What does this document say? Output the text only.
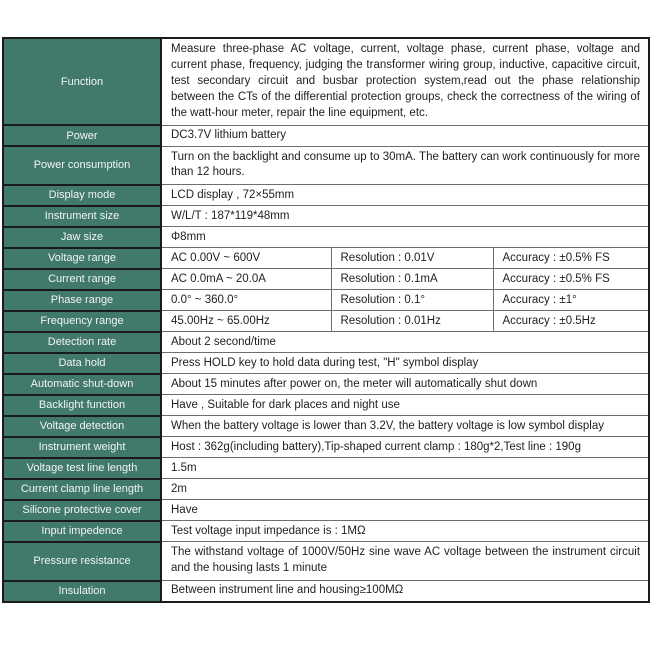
Function	Measure three-phase AC voltage, current, voltage phase, current phase, voltage and current phase, frequency, judging the transformer wiring group, inductive, capacitive circuit, test secondary circuit and busbar protection system,read out the phase relationship between the CTs of the differential protection groups, check the correctness of the wiring of the watt-hour meter, repair the line equipment, etc.		
Power	DC3.7V lithium battery		
Power consumption	Turn on the backlight and consume up to 30mA. The battery can work continuously for more than 12 hours.		
Display mode	LCD display , 72×55mm		
Instrument size	W/L/T : 187*119*48mm		
Jaw size	Φ8mm		
Voltage range	AC 0.00V ~ 600V	Resolution : 0.01V	Accuracy : ±0.5% FS
Current range	AC 0.0mA ~ 20.0A	Resolution : 0.1mA	Accuracy : ±0.5% FS
Phase range	0.0° ~ 360.0°	Resolution : 0.1°	Accuracy : ±1°
Frequency range	45.00Hz ~ 65.00Hz	Resolution : 0.01Hz	Accuracy : ±0.5Hz
Detection rate	About 2 second/time		
Data hold	Press HOLD key to hold data during test, "H" symbol display		
Automatic shut-down	About 15 minutes after power on, the meter will automatically shut down		
Backlight function	Have , Suitable for dark places and night use		
Voltage detection	When the battery voltage is lower than 3.2V, the battery voltage is low symbol display		
Instrument weight	Host : 362g(including battery),Tip-shaped current clamp : 180g*2,Test line : 190g		
Voltage test line length	1.5m		
Current clamp line length	2m		
Silicone protective cover	Have		
Input impedence	Test voltage input impedance is : 1MΩ		
Pressure resistance	The withstand voltage of 1000V/50Hz sine wave AC voltage between the instrument circuit and the housing lasts 1 minute		
Insulation	Between instrument line and housing≥100MΩ		
